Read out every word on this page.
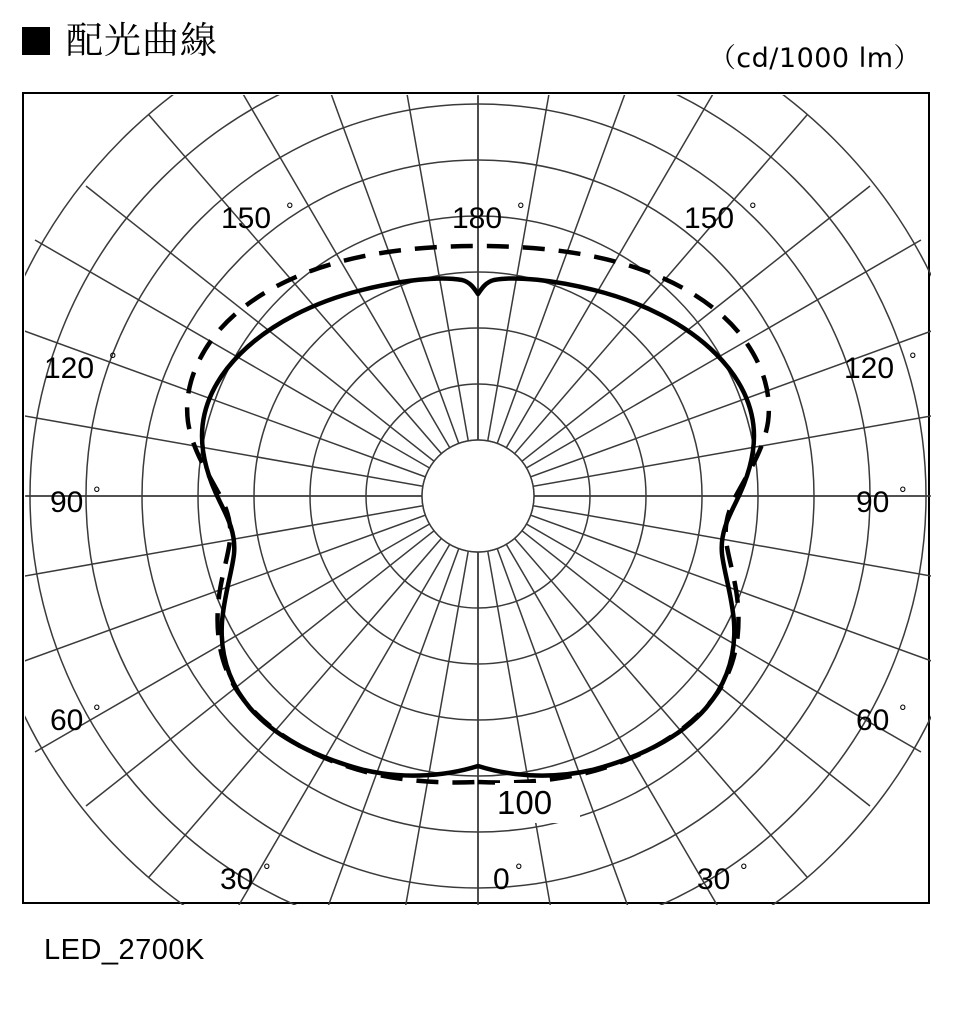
配光曲線	（cd/1000 lm）
150 °	180 °	150 °
120 °	120 °
90 °	90 °
60 °	60 °
30 °	0 °	30 °
100
LED_2700K
